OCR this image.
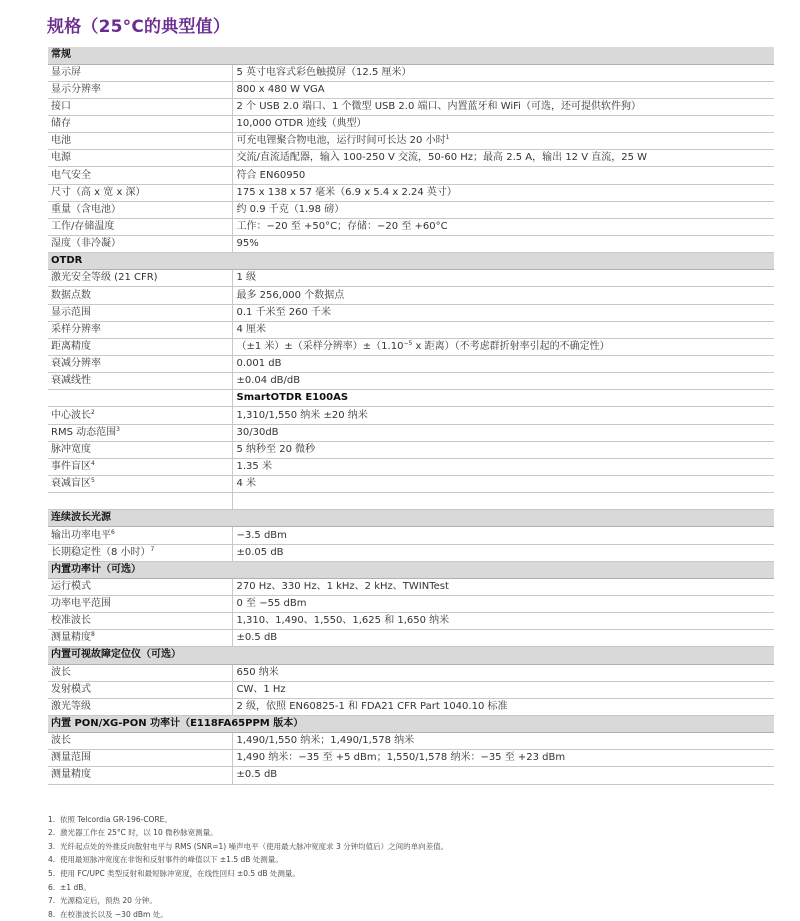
规格（25°C的典型值）
常规	
显示屏	5 英寸电容式彩色触摸屏（12.5 厘米）
显示分辨率	800 x 480 W VGA
接口	2 个 USB 2.0 端口、1 个微型 USB 2.0 端口、内置蓝牙和 WiFi（可选，还可提供软件狗）
储存	10,000 OTDR 迹线（典型）
电池	可充电锂聚合物电池，运行时间可长达 20 小时$^1$
电源	交流/直流适配器，输入 100-250 V 交流，50-60 Hz；最高 2.5 A，输出 12 V 直流，25 W
电气安全	符合 EN60950
尺寸（高 x 宽 x 深）	175 x 138 x 57 毫米（6.9 x 5.4 x 2.24 英寸）
重量（含电池）	约 0.9 千克（1.98 磅）
工作/存储温度	工作：−20 至 +50°C；存储：−20 至 +60°C
湿度（非冷凝）	95%
OTDR	
激光安全等级 (21 CFR)	1 级
数据点数	最多 256,000 个数据点
显示范围	0.1 千米至 260 千米
采样分辨率	4 厘米
距离精度	（±1 米）±（采样分辨率）$\pm(1.10^{-5}$ x 距离）（不考虑群折射率引起的不确定性）
衰减分辨率	0.001 dB
衰减线性	±0.04 dB/dB
	SmartOTDR E100AS
中心波长$^2$	1,310/1,550 纳米 ±20 纳米
RMS 动态范围$^3$	30/30dB
脉冲宽度	5 纳秒至 20 微秒
事件盲区$^4$	1.35 米
衰减盲区$^5$	4 米

连续波长光源	
输出功率电平$^6$	−3.5 dBm
长期稳定性（8 小时）$^7$	±0.05 dB
内置功率计（可选）	
运行模式	270 Hz、330 Hz、1 kHz、2 kHz、TWINTest
功率电平范围	0 至 −55 dBm
校准波长	1,310、1,490、1,550、1,625 和 1,650 纳米
测量精度$^8$	±0.5 dB
内置可视故障定位仪（可选）	
波长	650 纳米
发射模式	CW、1 Hz
激光等级	2 级，依照 EN60825-1 和 FDA21 CFR Part 1040.10 标准
内置 PON/XG-PON 功率计（E118FA65PPM 版本）	
波长	1,490/1,550 纳米；1,490/1,578 纳米
测量范围	1,490 纳米：−35 至 +5 dBm；1,550/1,578 纳米：−35 至 +23 dBm
测量精度	±0.5 dB
1. 依照 Telcordia GR-196-CORE。
2. 激光器工作在 25°C 时，以 10 微秒脉宽测量。
3. 光纤起点处的外推反向散射电平与 RMS (SNR=1) 噪声电平（使用最大脉冲宽度求 3 分钟均值后）之间的单向差值。
4. 使用最短脉冲宽度在非饱和反射事件的峰值以下 ±1.5 dB 处测量。
5. 使用 FC/UPC 类型反射和最短脉冲宽度，在线性回归 ±0.5 dB 处测量。
6. ±1 dB。
7. 光源稳定后，预热 20 分钟。
8. 在校准波长以及 −30 dBm 处。
